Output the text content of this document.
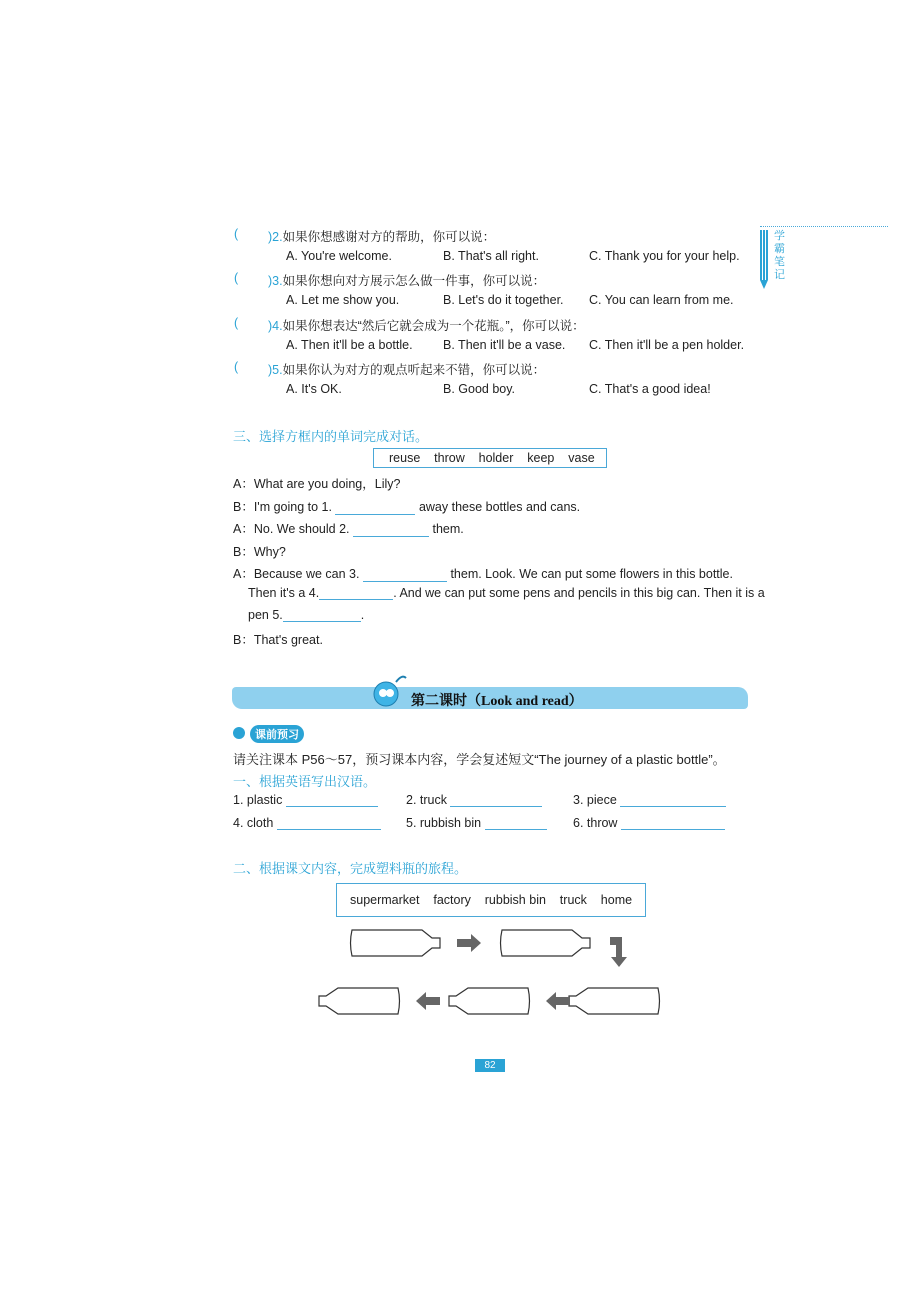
学
霸
笔
记
( )2.如果你想感谢对方的帮助，你可以说：
A. You're welcome.	B. That's all right.	C. Thank you for your help.
( )3.如果你想向对方展示怎么做一件事，你可以说：
A. Let me show you.	B. Let's do it together. C. You can learn from me.
( )4.如果你想表达“然后它就会成为一个花瓶。”，你可以说：
A. Then it'll be a bottle. B. Then it'll be a vase. C. Then it'll be a pen holder.
( )5.如果你认为对方的观点听起来不错，你可以说：
A. It's OK.	B. Good boy.	C. That's a good idea!
三、选择方框内的单词完成对话。
reuse    throw    holder    keep    vase
A：What are you doing，Lily?
B：I'm going to 1.	away these bottles and cans.
A：No. We should 2.	them.
B：Why?
A：Because we can 3.	them. Look. We can put some flowers in this bottle.
Then it's a 4.	. And we can put some pens and pencils in this big can. Then it is a
pen 5.	.
B：That's great.
第二课时（Look and read）
课前预习
请关注课本 P56～57，预习课本内容，学会复述短文“The journey of a plastic bottle”。
一、根据英语写出汉语。
1. plastic	2. truck	3. piece
4. cloth	5. rubbish bin	6. throw
二、根据课文内容，完成塑料瓶的旅程。
supermarket    factory    rubbish bin    truck    home
82
